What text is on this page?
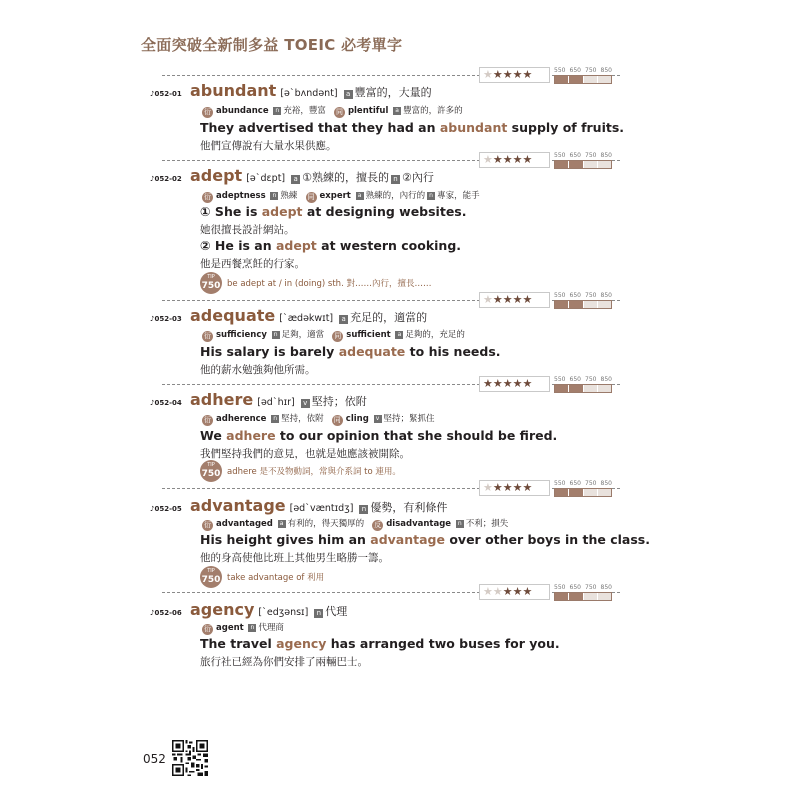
全面突破全新制多益 TOEIC 必考單字
★★★★★	550 650 750 850
♪052-01 abundant [ə`bʌndənt]	a 豐富的，大量的
衍 abundance n 充裕，豐富 同 plentiful a 豐富的，許多的
They advertised that they had an abundant supply of fruits.
他們宣傳說有大量水果供應。
★★★★★	550 650 750 850
♪052-02 adept [ə`dɛpt]	a ①熟練的，擅長的 n ②內行
衍 adeptness n 熟練 同 expert a 熟練的，內行的 n 專家，能手
① She is adept at designing websites.
她很擅長設計網站。
② He is an adept at western cooking.
他是西餐烹飪的行家。
TIP
750 be adept at / in (doing) sth. 對……內行，擅長……
★★★★★	550 650 750 850
♪052-03 adequate [`ædəkwɪt]	a 充足的，適當的
衍 sufficiency n 足夠，適當 同 sufficient a 足夠的，充足的
His salary is barely adequate to his needs.
他的薪水勉強夠他所需。
★★★★★	550 650 750 850
♪052-04 adhere [əd`hɪr]	v 堅持；依附
衍 adherence n 堅持，依附 同 cling v 堅持；緊抓住
We adhere to our opinion that she should be fired.
我們堅持我們的意見，也就是她應該被開除。
TIP
750 adhere 是不及物動詞，常與介系詞 to 連用。
★★★★★	550 650 750 850
♪052-05 advantage [əd`væntɪdʒ]	n 優勢，有利條件
衍 advantaged a 有利的，得天獨厚的 反 disadvantage n 不利；損失
His height gives him an advantage over other boys in the class.
他的身高使他比班上其他男生略勝一籌。
TIP
750 take advantage of 利用
★★★★★	550 650 750 850
♪052-06 agency [`edʒənsɪ]	n 代理
衍 agent n 代理商
The travel agency has arranged two buses for you.
旅行社已經為你們安排了兩輛巴士。
052
